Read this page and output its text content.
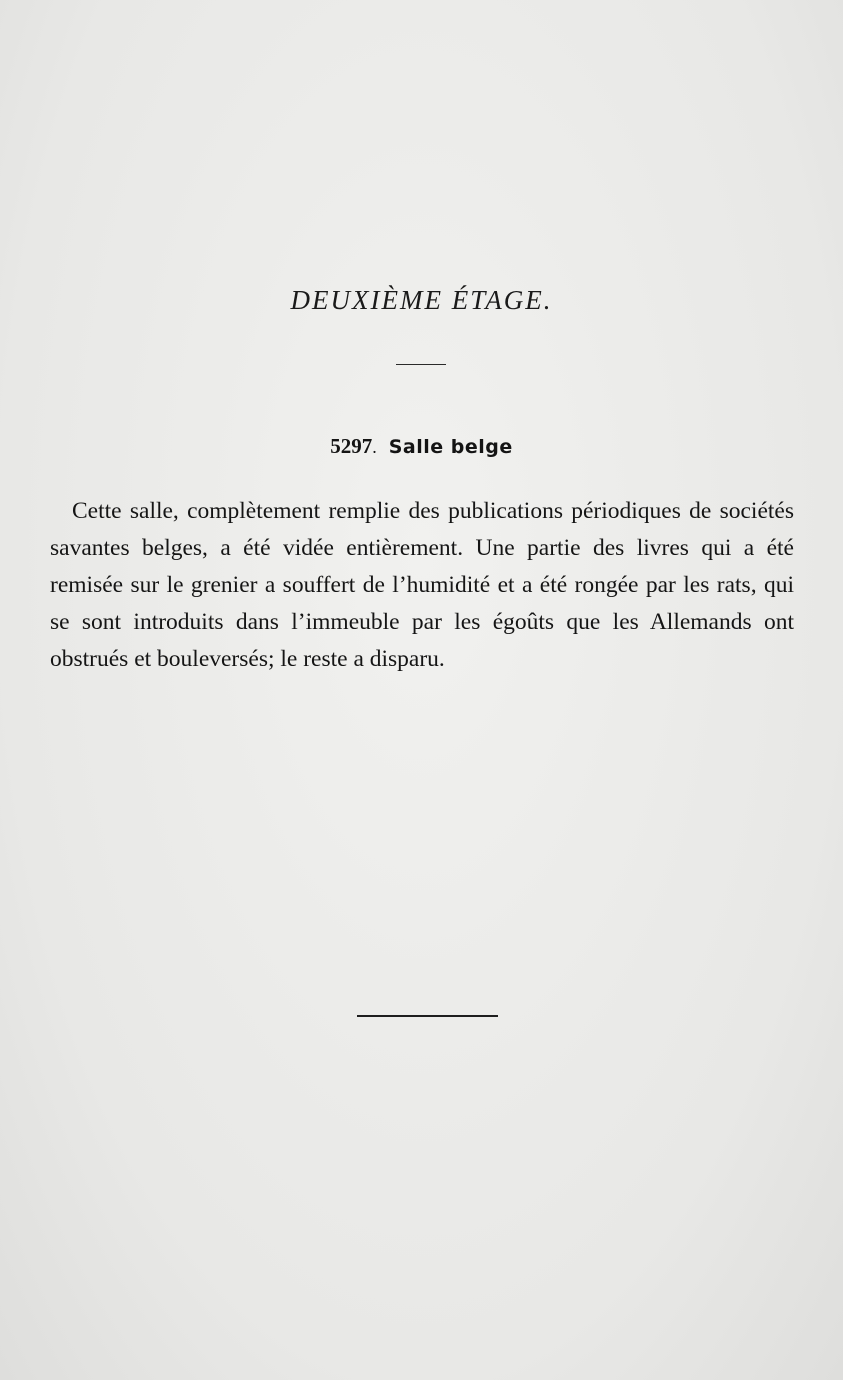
DEUXIÈME ÉTAGE.
5297. Salle belge
Cette salle, complètement remplie des publications périodiques de sociétés savantes belges, a été vidée entièrement. Une partie des livres qui a été remisée sur le grenier a souffert de l’humidité et a été rongée par les rats, qui se sont introduits dans l’immeuble par les égoûts que les Allemands ont obstrués et bouleversés; le reste a disparu.
